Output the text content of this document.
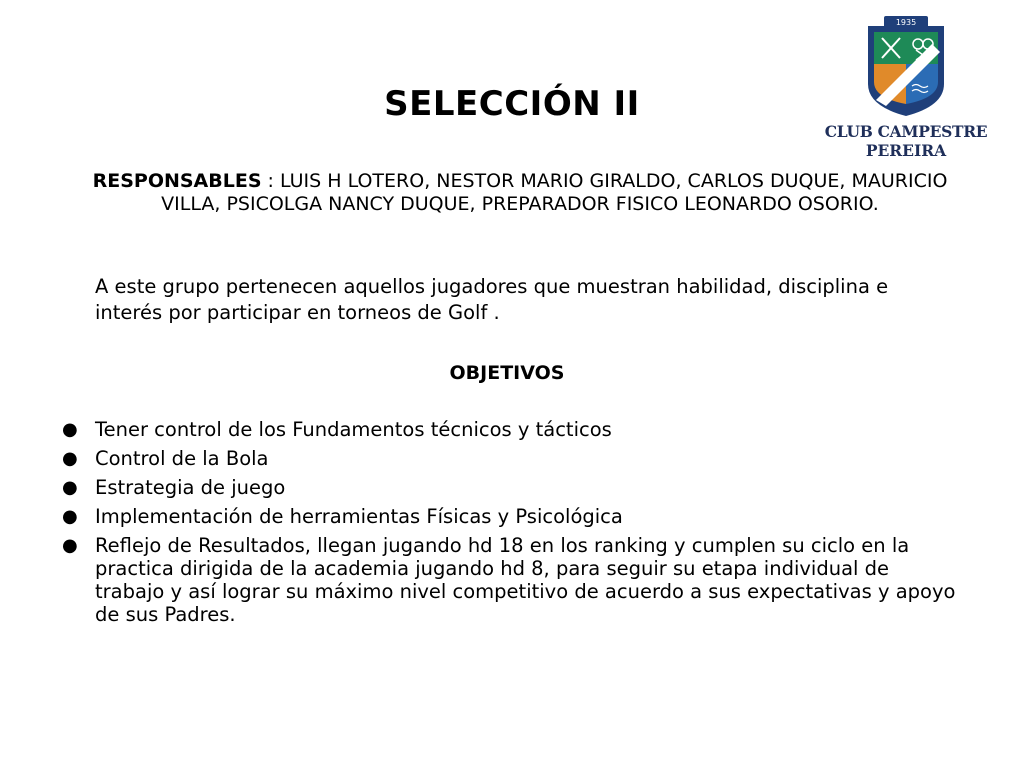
1935
CLUB CAMPESTRE
PEREIRA
SELECCIÓN II
RESPONSABLES : LUIS H LOTERO, NESTOR MARIO GIRALDO, CARLOS DUQUE, MAURICIO VILLA, PSICOLGA NANCY DUQUE, PREPARADOR FISICO LEONARDO OSORIO.
A este grupo pertenecen aquellos jugadores que muestran habilidad, disciplina e interés por participar en torneos de Golf .
OBJETIVOS
● Tener control de los Fundamentos técnicos y tácticos
● Control de la Bola
● Estrategia de juego
● Implementación de herramientas Físicas y Psicológica
● Reflejo de Resultados, llegan jugando hd 18 en los ranking y cumplen su ciclo en la practica dirigida de la academia jugando hd 8, para seguir su etapa individual de trabajo y así lograr su máximo nivel competitivo de acuerdo a sus expectativas y apoyo de sus Padres.
